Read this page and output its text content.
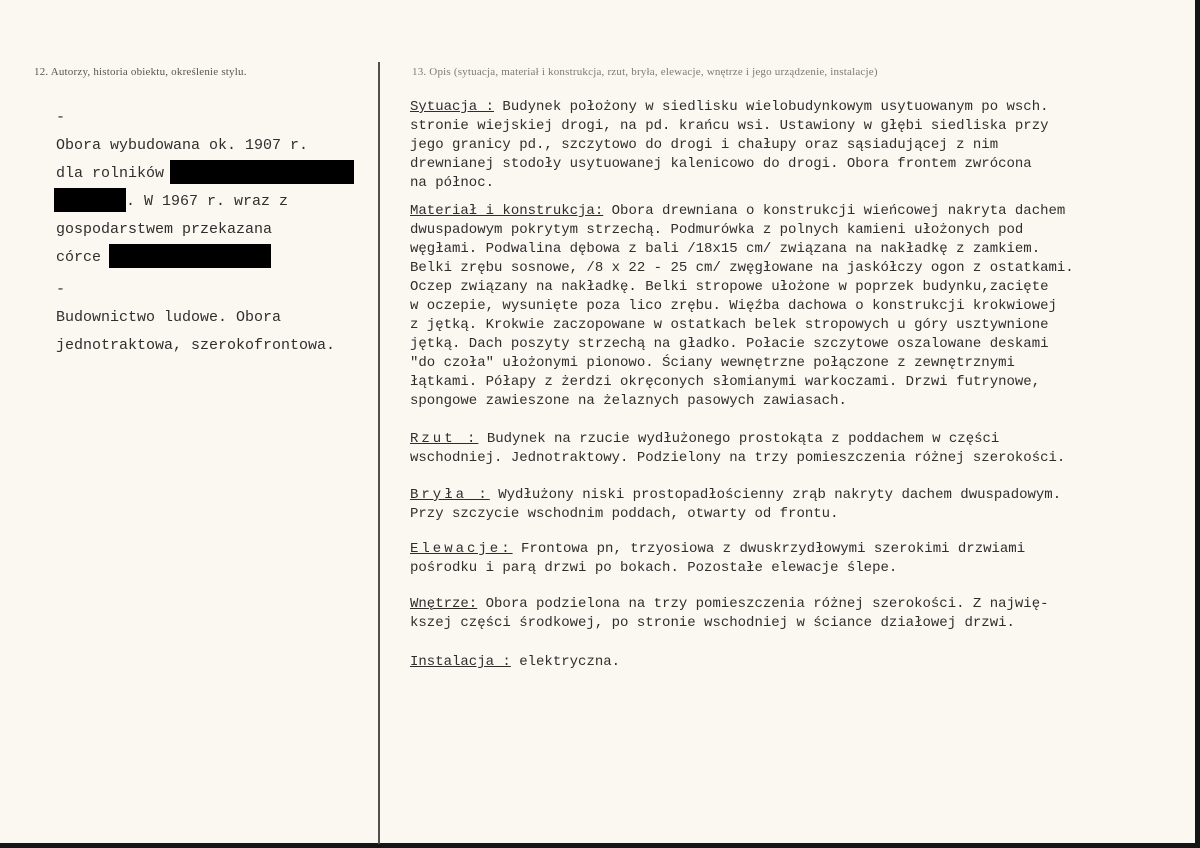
12. Autorzy, historia obiektu, określenie stylu.	13. Opis (sytuacja, materiał i konstrukcja, rzut, bryła, elewacje, wnętrze i jego urządzenie, instalacje)
-
Obora wybudowana ok. 1907 r.
dla rolników
. W 1967 r. wraz z
gospodarstwem przekazana
córce
-
Budownictwo ludowe. Obora
jednotraktowa, szerokofrontowa.

Sytuacja : Budynek położony w siedlisku wielobudynkowym usytuowanym po wsch.

stronie wiejskiej drogi, na pd. krańcu wsi. Ustawiony w głębi siedliska przy

jego granicy pd., szczytowo do drogi i chałupy oraz sąsiadującej z nim

drewnianej stodoły usytuowanej kalenicowo do drogi. Obora frontem zwrócona

na północ.

Materiał i konstrukcja: Obora drewniana o konstrukcji wieńcowej nakryta dachem

dwuspadowym pokrytym strzechą. Podmurówka z polnych kamieni ułożonych pod

węgłami. Podwalina dębowa z bali /18x15 cm/ związana na nakładkę z zamkiem.

Belki zrębu sosnowe, /8 x 22 - 25 cm/ zwęgłowane na jaskółczy ogon z ostatkami.

Oczep związany na nakładkę. Belki stropowe ułożone w poprzek budynku,zacięte

w oczepie, wysunięte poza lico zrębu. Więźba dachowa o konstrukcji krokwiowej

z jętką. Krokwie zaczopowane w ostatkach belek stropowych u góry usztywnione

jętką. Dach poszyty strzechą na gładko. Połacie szczytowe oszalowane deskami

"do czoła" ułożonymi pionowo. Ściany wewnętrzne połączone z zewnętrznymi

łątkami. Półapy z żerdzi okręconych słomianymi warkoczami. Drzwi futrynowe,

spongowe zawieszone na żelaznych pasowych zawiasach.

Rzut : Budynek na rzucie wydłużonego prostokąta z poddachem w części

wschodniej. Jednotraktowy. Podzielony na trzy pomieszczenia różnej szerokości.

Bryła : Wydłużony niski prostopadłościenny zrąb nakryty dachem dwuspadowym.

Przy szczycie wschodnim poddach, otwarty od frontu.

Elewacje: Frontowa pn, trzyosiowa z dwuskrzydłowymi szerokimi drzwiami

pośrodku i parą drzwi po bokach. Pozostałe elewacje ślepe.

Wnętrze: Obora podzielona na trzy pomieszczenia różnej szerokości. Z najwię-

kszej części środkowej, po stronie wschodniej w ściance działowej drzwi.

Instalacja : elektryczna.
